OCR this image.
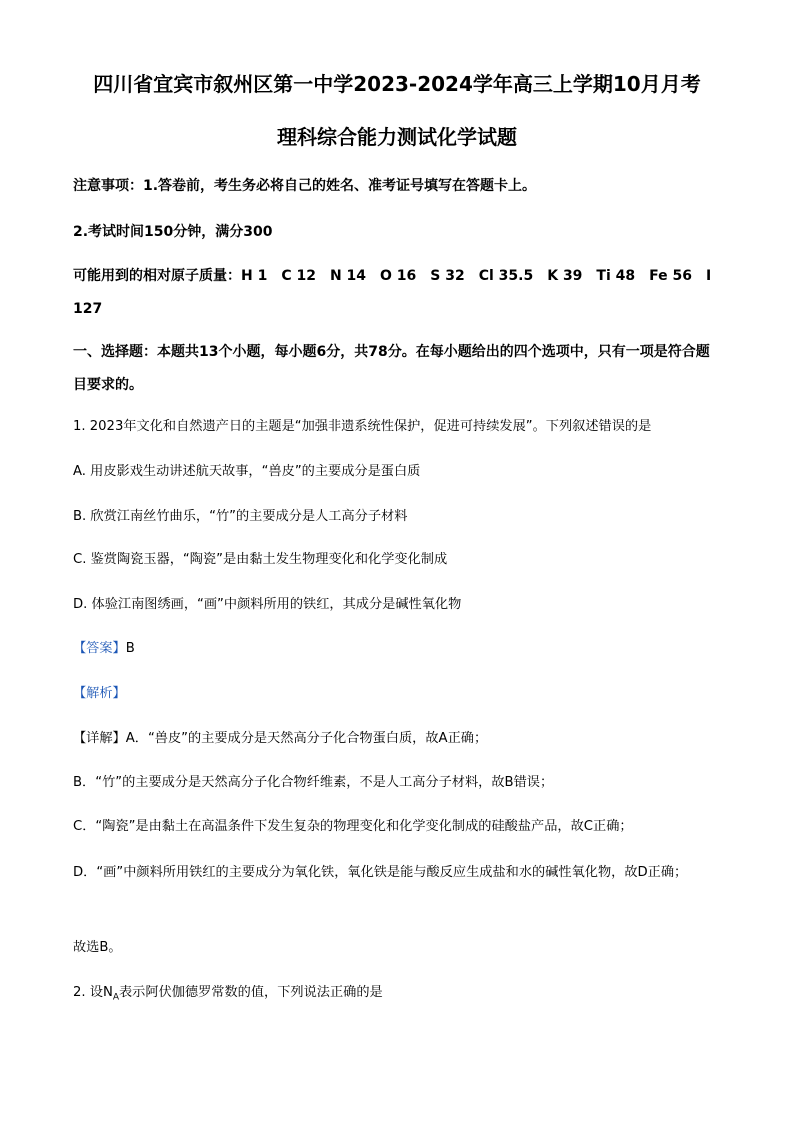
四川省宜宾市叙州区第一中学2023-2024学年高三上学期10月月考
理科综合能力测试化学试题
注意事项：1.答卷前，考生务必将自己的姓名、准考证号填写在答题卡上。
2.考试时间150分钟，满分300
可能用到的相对原子质量：H 1　C 12　N 14　O 16　S 32　Cl 35.5　K 39　Ti 48　Fe 56　I 127
一、选择题：本题共13个小题，每小题6分，共78分。在每小题给出的四个选项中，只有一项是符合题目要求的。
1. 2023年文化和自然遗产日的主题是“加强非遗系统性保护，促进可持续发展”。下列叙述错误的是
A. 用皮影戏生动讲述航天故事，“兽皮”的主要成分是蛋白质
B. 欣赏江南丝竹曲乐，“竹”的主要成分是人工高分子材料
C. 鉴赏陶瓷玉器，“陶瓷”是由黏土发生物理变化和化学变化制成
D. 体验江南图绣画，“画”中颜料所用的铁红，其成分是碱性氧化物
【答案】B
【解析】
【详解】A．“兽皮”的主要成分是天然高分子化合物蛋白质，故A正确；
B．“竹”的主要成分是天然高分子化合物纤维素，不是人工高分子材料，故B错误；
C．“陶瓷”是由黏土在高温条件下发生复杂的物理变化和化学变化制成的硅酸盐产品，故C正确；
D．“画”中颜料所用铁红的主要成分为氧化铁，氧化铁是能与酸反应生成盐和水的碱性氧化物，故D正确；
故选B。
2. 设$N_A$表示阿伏伽德罗常数的值，下列说法正确的是
